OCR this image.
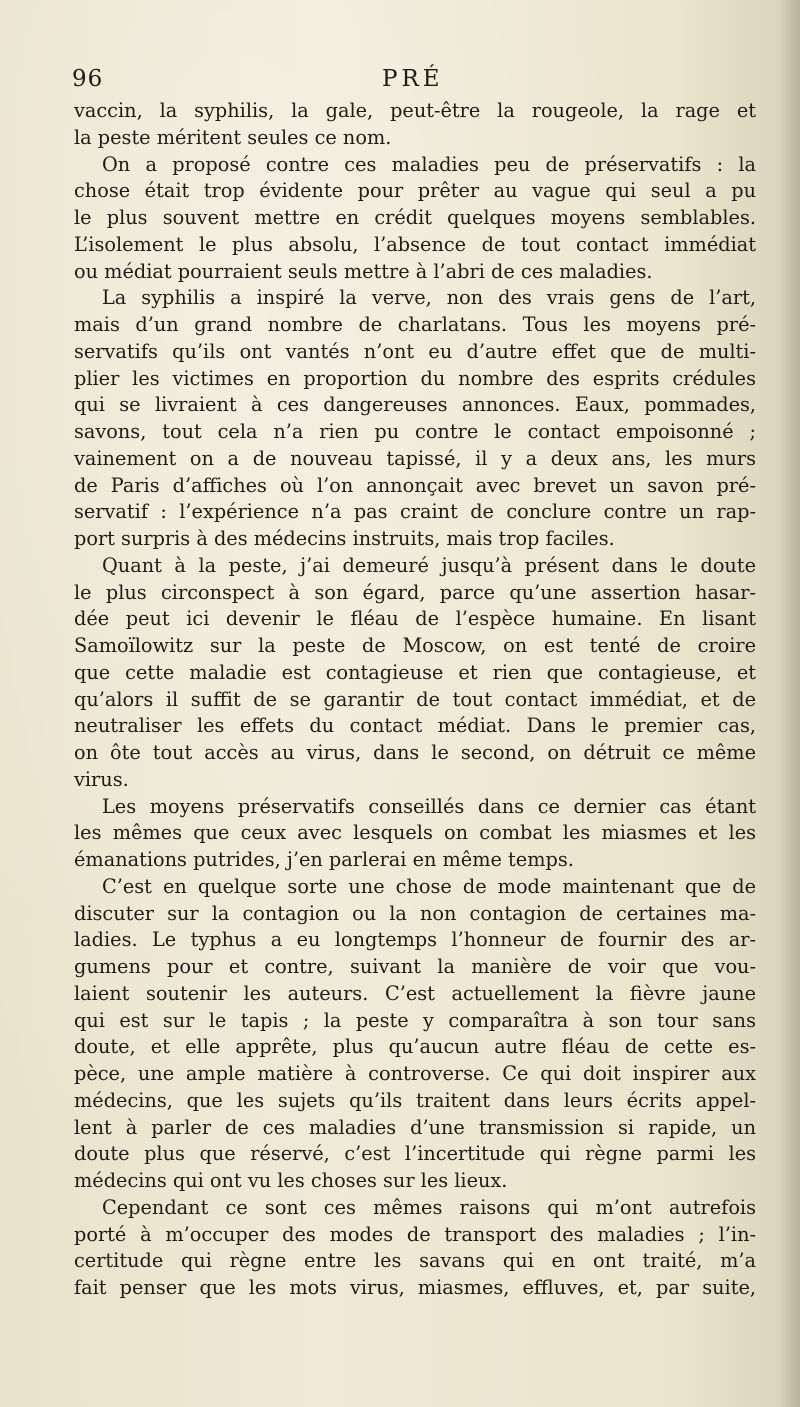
96	PRÉ
vaccin, la syphilis, la gale, peut-être la rougeole, la rage et
la peste méritent seules ce nom.
On a proposé contre ces maladies peu de préservatifs : la
chose était trop évidente pour prêter au vague qui seul a pu
le plus souvent mettre en crédit quelques moyens semblables.
L’isolement le plus absolu, l’absence de tout contact immédiat
ou médiat pourraient seuls mettre à l’abri de ces maladies.
La syphilis a inspiré la verve, non des vrais gens de l’art,
mais d’un grand nombre de charlatans. Tous les moyens pré-
servatifs qu’ils ont vantés n’ont eu d’autre effet que de multi-
plier les victimes en proportion du nombre des esprits crédules
qui se livraient à ces dangereuses annonces. Eaux, pommades,
savons, tout cela n’a rien pu contre le contact empoisonné ;
vainement on a de nouveau tapissé, il y a deux ans, les murs
de Paris d’affiches où l’on annonçait avec brevet un savon pré-
servatif : l’expérience n’a pas craint de conclure contre un rap-
port surpris à des médecins instruits, mais trop faciles.
Quant à la peste, j’ai demeuré jusqu’à présent dans le doute
le plus circonspect à son égard, parce qu’une assertion hasar-
dée peut ici devenir le fléau de l’espèce humaine. En lisant
Samoïlowitz sur la peste de Moscow, on est tenté de croire
que cette maladie est contagieuse et rien que contagieuse, et
qu’alors il suffit de se garantir de tout contact immédiat, et de
neutraliser les effets du contact médiat. Dans le premier cas,
on ôte tout accès au virus, dans le second, on détruit ce même
virus.
Les moyens préservatifs conseillés dans ce dernier cas étant
les mêmes que ceux avec lesquels on combat les miasmes et les
émanations putrides, j’en parlerai en même temps.
C’est en quelque sorte une chose de mode maintenant que de
discuter sur la contagion ou la non contagion de certaines ma-
ladies. Le typhus a eu longtemps l’honneur de fournir des ar-
gumens pour et contre, suivant la manière de voir que vou-
laient soutenir les auteurs. C’est actuellement la fièvre jaune
qui est sur le tapis ; la peste y comparaîtra à son tour sans
doute, et elle apprête, plus qu’aucun autre fléau de cette es-
pèce, une ample matière à controverse. Ce qui doit inspirer aux
médecins, que les sujets qu’ils traitent dans leurs écrits appel-
lent à parler de ces maladies d’une transmission si rapide, un
doute plus que réservé, c’est l’incertitude qui règne parmi les
médecins qui ont vu les choses sur les lieux.
Cependant ce sont ces mêmes raisons qui m’ont autrefois
porté à m’occuper des modes de transport des maladies ; l’in-
certitude qui règne entre les savans qui en ont traité, m’a
fait penser que les mots virus, miasmes, effluves, et, par suite,
